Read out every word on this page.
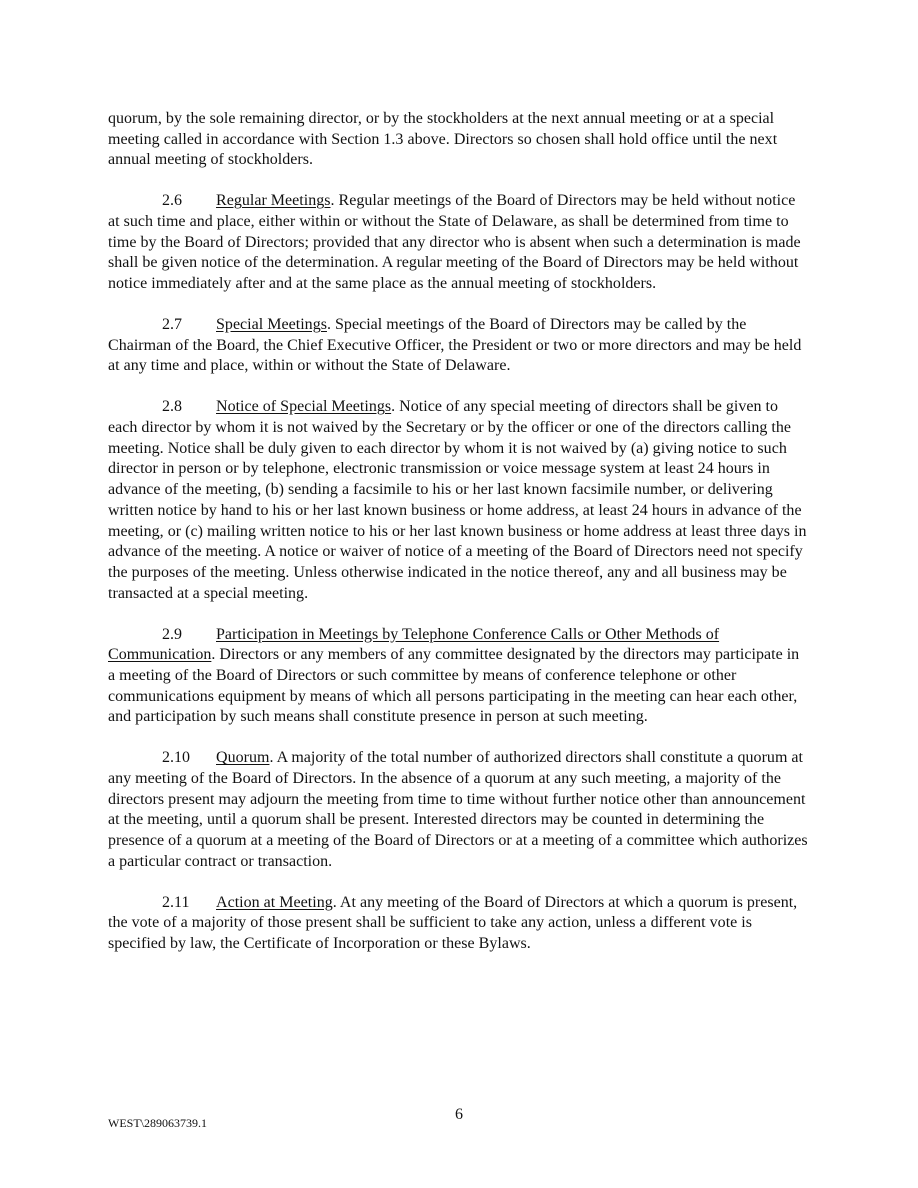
quorum, by the sole remaining director, or by the stockholders at the next annual meeting or at a special meeting called in accordance with Section 1.3 above. Directors so chosen shall hold office until the next annual meeting of stockholders.

2.6 Regular Meetings. Regular meetings of the Board of Directors may be held without notice at such time and place, either within or without the State of Delaware, as shall be determined from time to time by the Board of Directors; provided that any director who is absent when such a determination is made shall be given notice of the determination. A regular meeting of the Board of Directors may be held without notice immediately after and at the same place as the annual meeting of stockholders.

2.7 Special Meetings. Special meetings of the Board of Directors may be called by the Chairman of the Board, the Chief Executive Officer, the President or two or more directors and may be held at any time and place, within or without the State of Delaware.

2.8 Notice of Special Meetings. Notice of any special meeting of directors shall be given to each director by whom it is not waived by the Secretary or by the officer or one of the directors calling the meeting. Notice shall be duly given to each director by whom it is not waived by (a) giving notice to such director in person or by telephone, electronic transmission or voice message system at least 24 hours in advance of the meeting, (b) sending a facsimile to his or her last known facsimile number, or delivering written notice by hand to his or her last known business or home address, at least 24 hours in advance of the meeting, or (c) mailing written notice to his or her last known business or home address at least three days in advance of the meeting. A notice or waiver of notice of a meeting of the Board of Directors need not specify the purposes of the meeting. Unless otherwise indicated in the notice thereof, any and all business may be transacted at a special meeting.

2.9 Participation in Meetings by Telephone Conference Calls or Other Methods of Communication. Directors or any members of any committee designated by the directors may participate in a meeting of the Board of Directors or such committee by means of conference telephone or other communications equipment by means of which all persons participating in the meeting can hear each other, and participation by such means shall constitute presence in person at such meeting.

2.10 Quorum. A majority of the total number of authorized directors shall constitute a quorum at any meeting of the Board of Directors. In the absence of a quorum at any such meeting, a majority of the directors present may adjourn the meeting from time to time without further notice other than announcement at the meeting, until a quorum shall be present. Interested directors may be counted in determining the presence of a quorum at a meeting of the Board of Directors or at a meeting of a committee which authorizes a particular contract or transaction.

2.11 Action at Meeting. At any meeting of the Board of Directors at which a quorum is present, the vote of a majority of those present shall be sufficient to take any action, unless a different vote is specified by law, the Certificate of Incorporation or these Bylaws.

6
WEST\289063739.1
